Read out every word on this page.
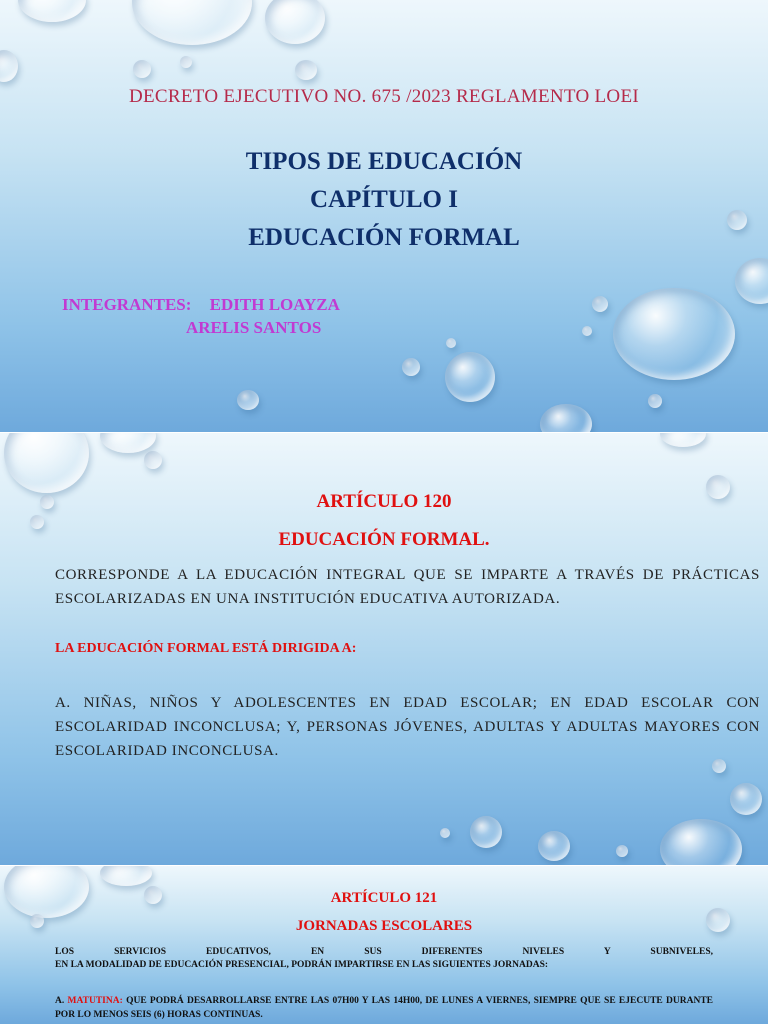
DECRETO EJECUTIVO NO. 675 /2023 REGLAMENTO LOEI
TIPOS DE EDUCACIÓN
CAPÍTULO I
EDUCACIÓN FORMAL
INTEGRANTES: EDITH LOAYZA
ARELIS SANTOS
ARTÍCULO 120
EDUCACIÓN FORMAL.
CORRESPONDE A LA EDUCACIÓN INTEGRAL QUE SE IMPARTE A TRAVÉS DE PRÁCTICAS ESCOLARIZADAS EN UNA INSTITUCIÓN EDUCATIVA AUTORIZADA.
LA EDUCACIÓN FORMAL ESTÁ DIRIGIDA A:
A. NIÑAS, NIÑOS Y ADOLESCENTES EN EDAD ESCOLAR; EN EDAD ESCOLAR CON ESCOLARIDAD INCONCLUSA; Y, PERSONAS JÓVENES, ADULTAS Y ADULTAS MAYORES CON ESCOLARIDAD INCONCLUSA.
ARTÍCULO 121
JORNADAS ESCOLARES
LOS SERVICIOS EDUCATIVOS, EN SUS DIFERENTES NIVELES Y SUBNIVELES,
EN LA MODALIDAD DE EDUCACIÓN PRESENCIAL, PODRÁN IMPARTIRSE EN LAS SIGUIENTES JORNADAS:
A. MATUTINA: QUE PODRÁ DESARROLLARSE ENTRE LAS 07H00 Y LAS 14H00, DE LUNES A VIERNES, SIEMPRE QUE SE EJECUTE DURANTE POR LO MENOS SEIS (6) HORAS CONTINUAS.
